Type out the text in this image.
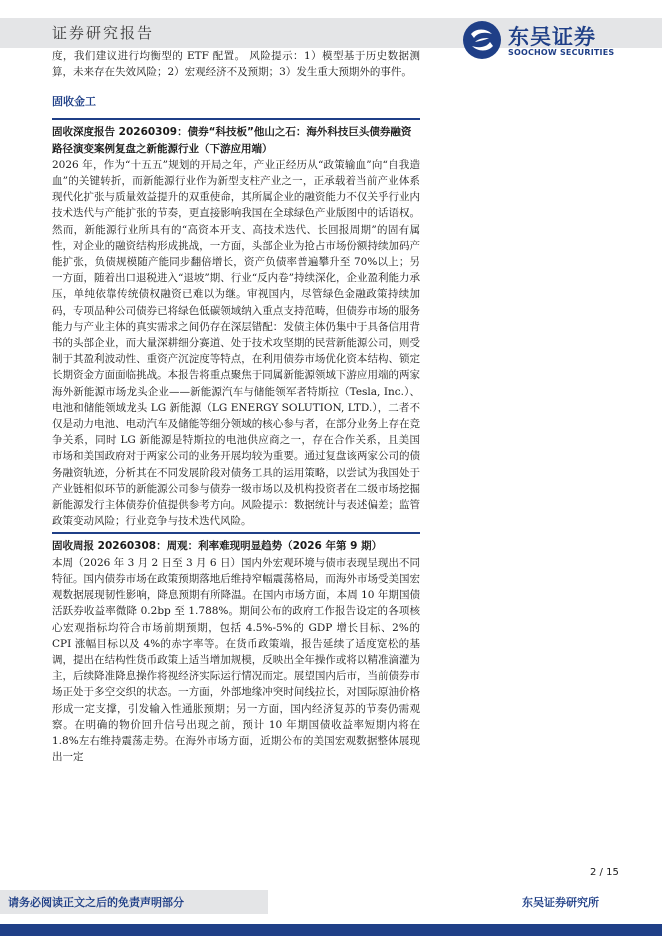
证券研究报告	东吴证券
SOOCHOW SECURITIES

度，我们建议进行均衡型的 ETF 配置。 风险提示：1）模型基于历史数据测算，未来存在失效风险；2）宏观经济不及预期；3）发生重大预期外的事件。

固收金工

固收深度报告 20260309：债券“科技板”他山之石：海外科技巨头债券融资路径演变案例复盘之新能源行业（下游应用端）

2026 年，作为“十五五”规划的开局之年，产业正经历从“政策输血”向“自我造血”的关键转折，而新能源行业作为新型支柱产业之一，正承载着当前产业体系现代化扩张与质量效益提升的双重使命，其所属企业的融资能力不仅关乎行业内技术迭代与产能扩张的节奏，更直接影响我国在全球绿色产业版图中的话语权。然而，新能源行业所具有的“高资本开支、高技术迭代、长回报周期”的固有属性，对企业的融资结构形成挑战，一方面，头部企业为抢占市场份额持续加码产能扩张，负债规模随产能同步翻倍增长，资产负债率普遍攀升至 70%以上；另一方面，随着出口退税进入“退坡”期、行业“反内卷”持续深化，企业盈利能力承压，单纯依靠传统债权融资已难以为继。审视国内，尽管绿色金融政策持续加码，专项品种公司债券已将绿色低碳领域纳入重点支持范畴，但债券市场的服务能力与产业主体的真实需求之间仍存在深层错配：发债主体仍集中于具备信用背书的头部企业，而大量深耕细分赛道、处于技术攻坚期的民营新能源公司，则受制于其盈利波动性、重资产沉淀度等特点，在利用债券市场优化资本结构、锁定长期资金方面面临挑战。本报告将重点聚焦于同属新能源领域下游应用端的两家海外新能源市场龙头企业——新能源汽车与储能领军者特斯拉（Tesla, Inc.）、电池和储能领域龙头 LG 新能源（LG ENERGY SOLUTION, LTD.），二者不仅是动力电池、电动汽车及储能等细分领域的核心参与者，在部分业务上存在竞争关系，同时 LG 新能源是特斯拉的电池供应商之一，存在合作关系，且美国市场和美国政府对于两家公司的业务开展均较为重要。通过复盘该两家公司的债务融资轨迹，分析其在不同发展阶段对债务工具的运用策略，以尝试为我国处于产业链相似环节的新能源公司参与债券一级市场以及机构投资者在二级市场挖掘新能源发行主体债券价值提供参考方向。风险提示：数据统计与表述偏差；监管政策变动风险；行业竞争与技术迭代风险。

固收周报 20260308：周观：利率难现明显趋势（2026 年第 9 期）

本周（2026 年 3 月 2 日至 3 月 6 日）国内外宏观环境与债市表现呈现出不同特征。国内债券市场在政策预期落地后维持窄幅震荡格局，而海外市场受美国宏观数据展现韧性影响，降息预期有所降温。在国内市场方面，本周 10 年期国债活跃券收益率微降 0.2bp 至 1.788%。期间公布的政府工作报告设定的各项核心宏观指标均符合市场前期预期，包括 4.5%-5%的 GDP 增长目标、2%的 CPI 涨幅目标以及 4%的赤字率等。在货币政策端，报告延续了适度宽松的基调，提出在结构性货币政策上适当增加规模，反映出全年操作或将以精准滴灌为主，后续降准降息操作将视经济实际运行情况而定。展望国内后市，当前债券市场正处于多空交织的状态。一方面，外部地缘冲突时间线拉长，对国际原油价格形成一定支撑，引发输入性通胀预期；另一方面，国内经济复苏的节奏仍需观察。在明确的物价回升信号出现之前，预计 10 年期国债收益率短期内将在 1.8%左右维持震荡走势。在海外市场方面，近期公布的美国宏观数据整体展现出一定

2 / 15
请务必阅读正文之后的免责声明部分	东吴证券研究所
